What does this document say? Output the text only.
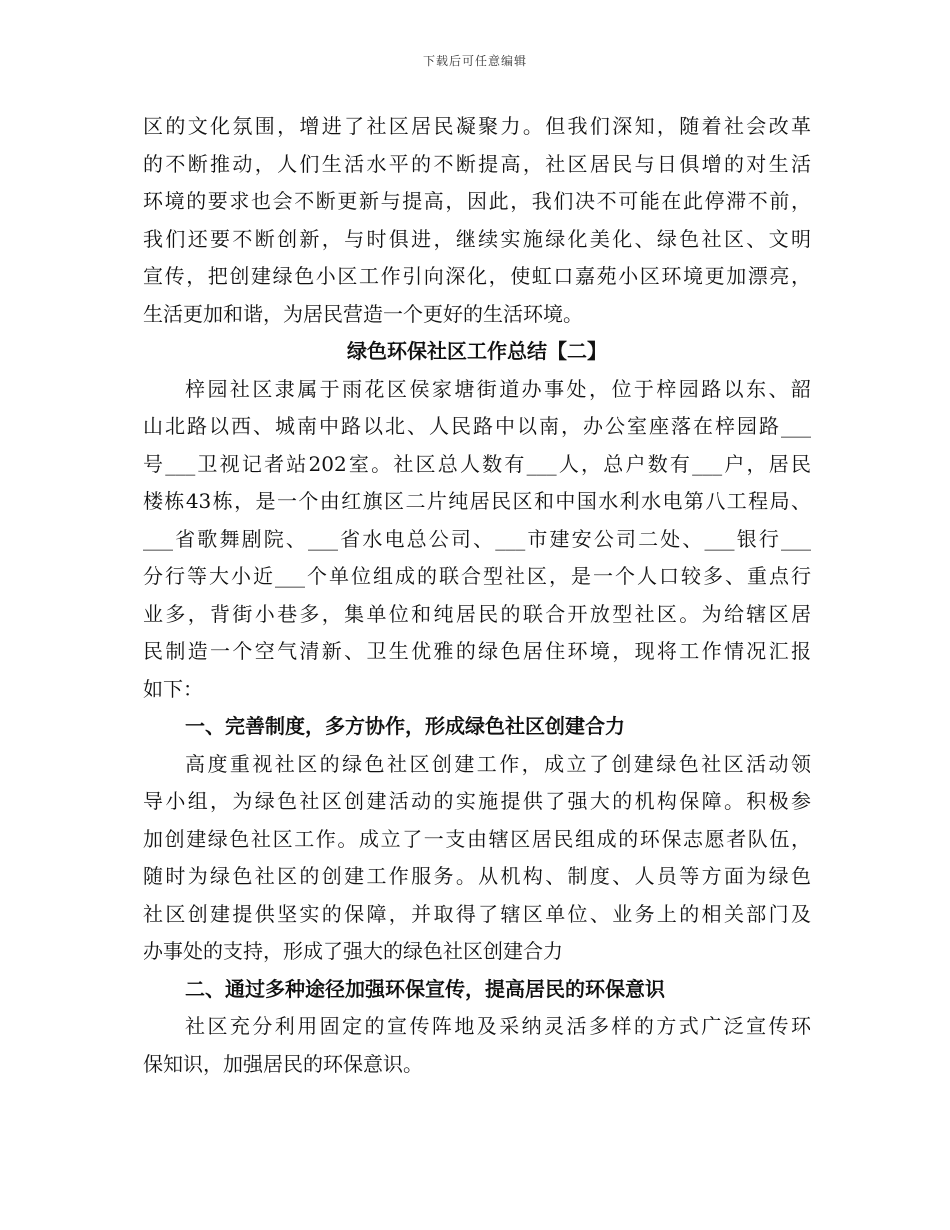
下载后可任意编辑
区的文化氛围，增进了社区居民凝聚力。但我们深知，随着社会改革
的不断推动，人们生活水平的不断提高，社区居民与日俱增的对生活
环境的要求也会不断更新与提高，因此，我们决不可能在此停滞不前，
我们还要不断创新，与时俱进，继续实施绿化美化、绿色社区、文明
宣传，把创建绿色小区工作引向深化，使虹口嘉苑小区环境更加漂亮，
生活更加和谐，为居民营造一个更好的生活环境。
绿色环保社区工作总结【二】
梓园社区隶属于雨花区侯家塘街道办事处，位于梓园路以东、韶
山北路以西、城南中路以北、人民路中以南，办公室座落在梓园路___
号___卫视记者站202室。社区总人数有___人，总户数有___户，居民
楼栋43栋，是一个由红旗区二片纯居民区和中国水利水电第八工程局、
___省歌舞剧院、___省水电总公司、___市建安公司二处、___银行___
分行等大小近___个单位组成的联合型社区，是一个人口较多、重点行
业多，背街小巷多，集单位和纯居民的联合开放型社区。为给辖区居
民制造一个空气清新、卫生优雅的绿色居住环境，现将工作情况汇报
如下：
一、完善制度，多方协作，形成绿色社区创建合力
高度重视社区的绿色社区创建工作，成立了创建绿色社区活动领
导小组，为绿色社区创建活动的实施提供了强大的机构保障。积极参
加创建绿色社区工作。成立了一支由辖区居民组成的环保志愿者队伍，
随时为绿色社区的创建工作服务。从机构、制度、人员等方面为绿色
社区创建提供坚实的保障，并取得了辖区单位、业务上的相关部门及
办事处的支持，形成了强大的绿色社区创建合力
二、通过多种途径加强环保宣传，提高居民的环保意识
社区充分利用固定的宣传阵地及采纳灵活多样的方式广泛宣传环
保知识，加强居民的环保意识。
